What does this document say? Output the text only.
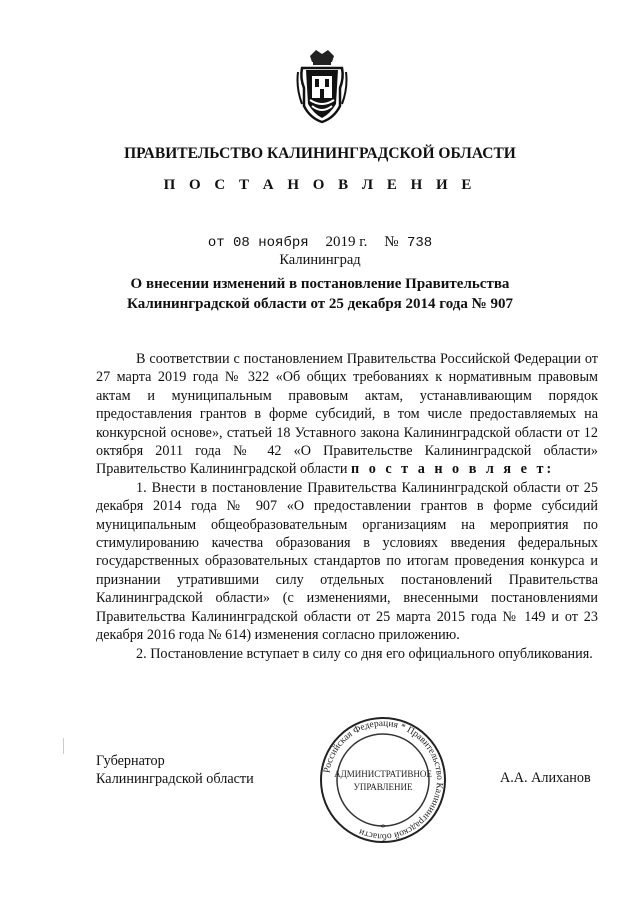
ПРАВИТЕЛЬСТВО КАЛИНИНГРАДСКОЙ ОБЛАСТИ
П О С Т А Н О В Л Е Н И Е
от 08 ноября 2019 г. № 738
Калининград
О внесении изменений в постановление Правительства
Калининградской области от 25 декабря 2014 года № 907

В соответствии с постановлением Правительства Российской Федерации от 27 марта 2019 года № 322 «Об общих требованиях к нормативным правовым актам и муниципальным правовым актам, устанавливающим порядок предоставления грантов в форме субсидий, в том числе предоставляемых на конкурсной основе», статьей 18 Уставного закона Калининградской области от 12 октября 2011 года № 42 «О Правительстве Калининградской области» Правительство Калининградской области п о с т а н о в л я е т:

1. Внести в постановление Правительства Калининградской области от 25 декабря 2014 года № 907 «О предоставлении грантов в форме субсидий муниципальным общеобразовательным организациям на мероприятия по стимулированию качества образования в условиях введения федеральных государственных образовательных стандартов по итогам проведения конкурса и признании утратившими силу отдельных постановлений Правительства Калининградской области» (с изменениями, внесенными постановлениями Правительства Калининградской области от 25 марта 2015 года № 149 и от 23 декабря 2016 года № 614) изменения согласно приложению.

2. Постановление вступает в силу со дня его официального опубликования.

Губернатор
Калининградской области
Российская Федерация * Правительство Калининградской области
АДМИНИСТРАТИВНОЕ
УПРАВЛЕНИЕ
*
А.А. Алиханов
